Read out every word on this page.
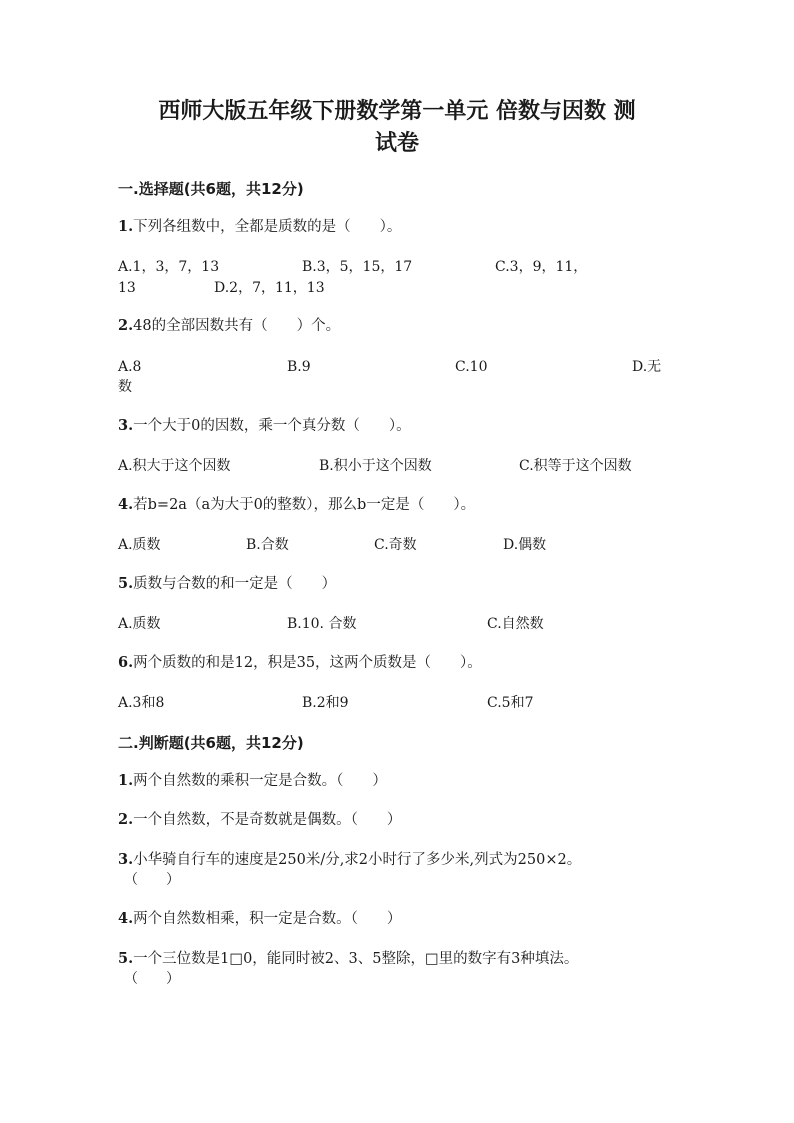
西师大版五年级下册数学第一单元 倍数与因数 测
试卷
一.选择题(共6题，共12分)
1.下列各组数中，全都是质数的是（　　）。
A.1，3，7，13	B.3，5，15，17	C.3，9，11，
13	D.2，7，11，13
2.48的全部因数共有（　　）个。
A.8	B.9	C.10	D.无
数
3.一个大于0的因数，乘一个真分数（　　）。
A.积大于这个因数	B.积小于这个因数	C.积等于这个因数
4.若b=2a（a为大于0的整数），那么b一定是（　　）。
A.质数	B.合数	C.奇数	D.偶数
5.质数与合数的和一定是（　　）
A.质数	B.10. 合数	C.自然数
6.两个质数的和是12，积是35，这两个质数是（　　）。
A.3和8	B.2和9	C.5和7
二.判断题(共6题，共12分)
1.两个自然数的乘积一定是合数。（　　）
2.一个自然数，不是奇数就是偶数。（　　）
3.小华骑自行车的速度是250米/分,求2小时行了多少米,列式为250×2。
（　　）
4.两个自然数相乘，积一定是合数。（　　）
5.一个三位数是1□0，能同时被2、3、5整除，□里的数字有3种填法。
（　　）
